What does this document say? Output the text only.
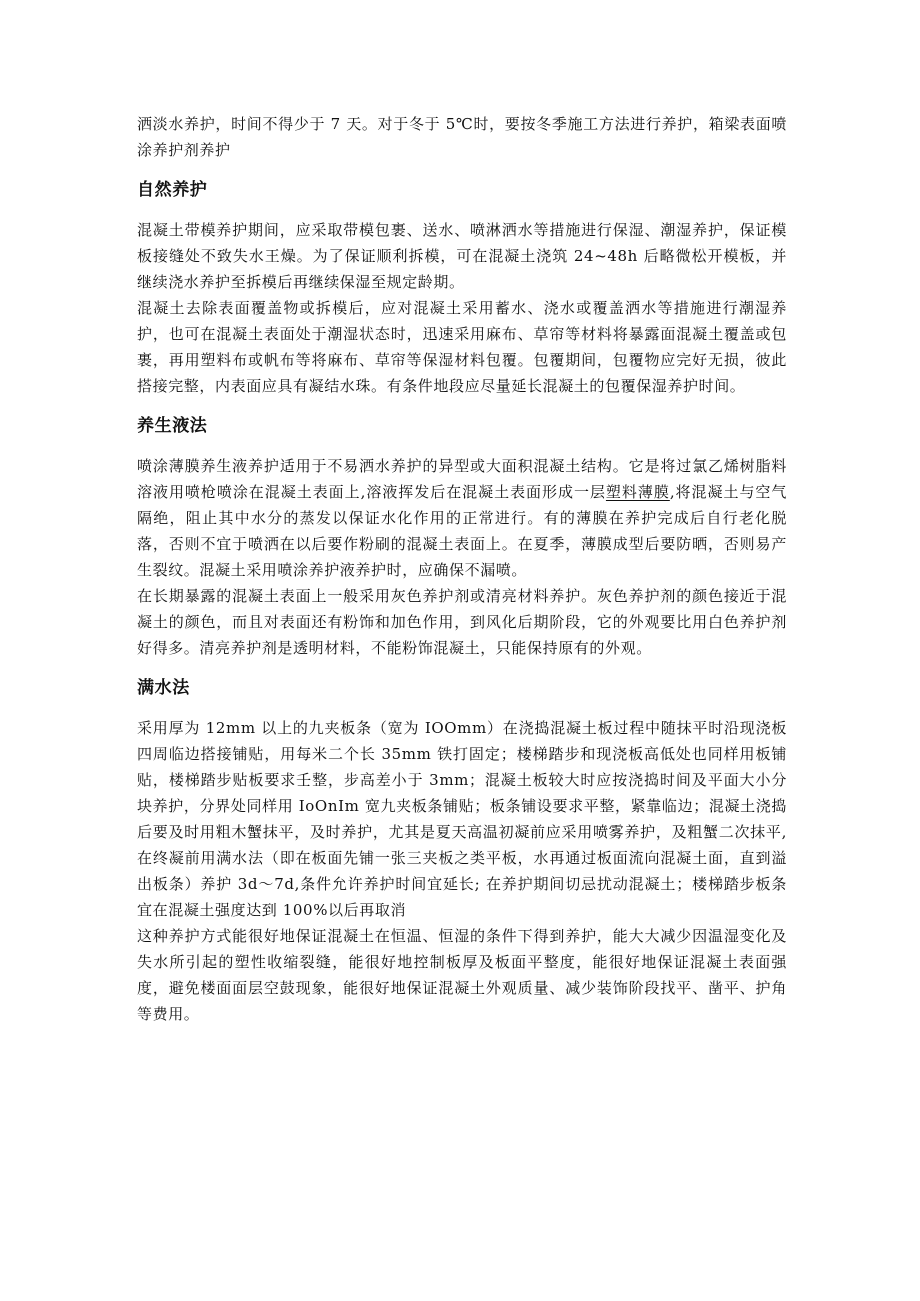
洒淡水养护，时间不得少于 7 天。对于冬于 5℃时，要按冬季施工方法进行养护，箱梁表面喷涂养护剂养护

自然养护

混凝土带模养护期间，应采取带模包裹、送水、喷淋洒水等措施进行保湿、潮湿养护，保证模板接缝处不致失水王燥。为了保证顺利拆模，可在混凝土浇筑 24~48h 后略微松开模板，并继续浇水养护至拆模后再继续保湿至规定龄期。

混凝土去除表面覆盖物或拆模后，应对混凝土采用蓄水、浇水或覆盖洒水等措施进行潮湿养护，也可在混凝土表面处于潮湿状态时，迅速采用麻布、草帘等材料将暴露面混凝土覆盖或包裹，再用塑料布或帆布等将麻布、草帘等保湿材料包覆。包覆期间，包覆物应完好无损，彼此搭接完整，内表面应具有凝结水珠。有条件地段应尽量延长混凝土的包覆保湿养护时间。

养生液法

喷涂薄膜养生液养护适用于不易洒水养护的异型或大面积混凝土结构。它是将过氯乙烯树脂料溶液用喷枪喷涂在混凝土表面上,溶液挥发后在混凝土表面形成一层塑料薄膜,将混凝土与空气隔绝，阻止其中水分的蒸发以保证水化作用的正常进行。有的薄膜在养护完成后自行老化脱落，否则不宜于喷洒在以后要作粉刷的混凝土表面上。在夏季，薄膜成型后要防晒，否则易产生裂纹。混凝土采用喷涂养护液养护时，应确保不漏喷。

在长期暴露的混凝土表面上一般采用灰色养护剂或清亮材料养护。灰色养护剂的颜色接近于混凝土的颜色，而且对表面还有粉饰和加色作用，到风化后期阶段，它的外观要比用白色养护剂好得多。清亮养护剂是透明材料，不能粉饰混凝土，只能保持原有的外观。

满水法

采用厚为 12mm 以上的九夹板条（宽为 IOOmm）在浇捣混凝土板过程中随抹平时沿现浇板四周临边搭接铺贴，用每米二个长 35mm 铁打固定；楼梯踏步和现浇板高低处也同样用板铺贴，楼梯踏步贴板要求壬整，步高差小于 3mm；混凝土板较大时应按浇捣时间及平面大小分块养护，分界处同样用 IoOnIm 宽九夹板条铺贴；板条铺设要求平整，紧靠临边；混凝土浇捣后要及时用粗木蟹抹平，及时养护，尤其是夏天高温初凝前应采用喷雾养护，及粗蟹二次抹平, 在终凝前用满水法（即在板面先铺一张三夹板之类平板，水再通过板面流向混凝土面，直到溢出板条）养护 3d～7d,条件允许养护时间宜延长; 在养护期间切忌扰动混凝土；楼梯踏步板条宜在混凝土强度达到 100%以后再取消

这种养护方式能很好地保证混凝土在恒温、恒湿的条件下得到养护，能大大减少因温湿变化及失水所引起的塑性收缩裂缝，能很好地控制板厚及板面平整度，能很好地保证混凝土表面强度，避免楼面面层空鼓现象，能很好地保证混凝土外观质量、减少装饰阶段找平、凿平、护角等费用。
